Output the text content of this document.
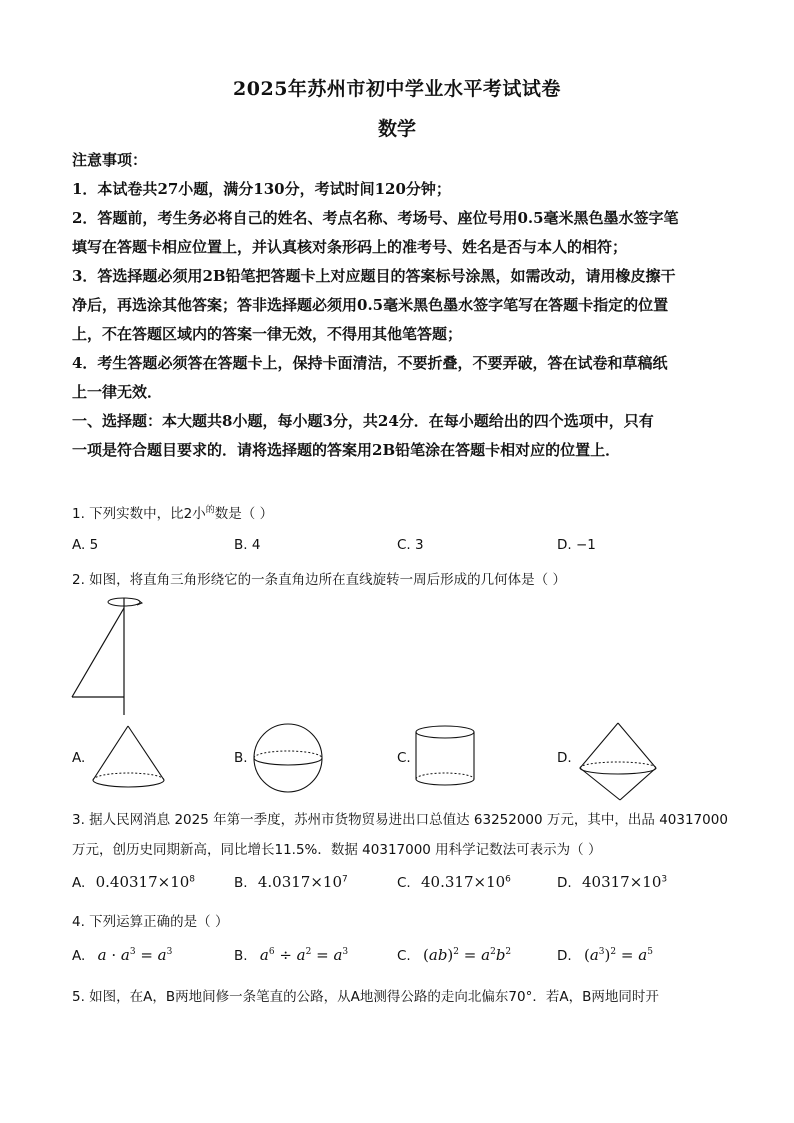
2025年苏州市初中学业水平考试试卷
数学
注意事项：
1．本试卷共27小题，满分130分，考试时间120分钟；
2．答题前，考生务必将自己的姓名、考点名称、考场号、座位号用0.5毫米黑色墨水签字笔
填写在答题卡相应位置上，并认真核对条形码上的准考号、姓名是否与本人的相符；
3．答选择题必须用2B铅笔把答题卡上对应题目的答案标号涂黑，如需改动，请用橡皮擦干
净后，再选涂其他答案；答非选择题必须用0.5毫米黑色墨水签字笔写在答题卡指定的位置
上，不在答题区域内的答案一律无效，不得用其他笔答题；
4．考生答题必须答在答题卡上，保持卡面清洁，不要折叠，不要弄破，答在试卷和草稿纸
上一律无效．
一、选择题：本大题共8小题，每小题3分，共24分．在每小题给出的四个选项中，只有
一项是符合题目要求的．请将选择题的答案用2B铅笔涂在答题卡相对应的位置上．
1. 下列实数中，比2小$^的$数是（ ）
A. 5	B. 4	C. 3	D. −1
2. 如图，将直角三角形绕它的一条直角边所在直线旋转一周后形成的几何体是（ ）
A.	B.	C.	D.
3. 据人民网消息 2025 年第一季度，苏州市货物贸易进出口总值达 63252000 万元，其中，出品 40317000
万元，创历史同期新高，同比增长11.5%．数据 40317000 用科学记数法可表示为（ ）
A. $0.40317\times 10^8$	B. $4.0317\times 10^7$	C. $40.317\times 10^6$	D. $40317\times 10^3$
4. 下列运算正确的是（ ）
A. $a \cdot a^3 = a^3$	B. $a^6 \div a^2 = a^3$	C. $(ab)^2 = a^2b^2$	D. $(a^3)^2 = a^5$
5. 如图，在A，B两地间修一条笔直的公路，从A地测得公路的走向北偏东70°．若A，B两地同时开
